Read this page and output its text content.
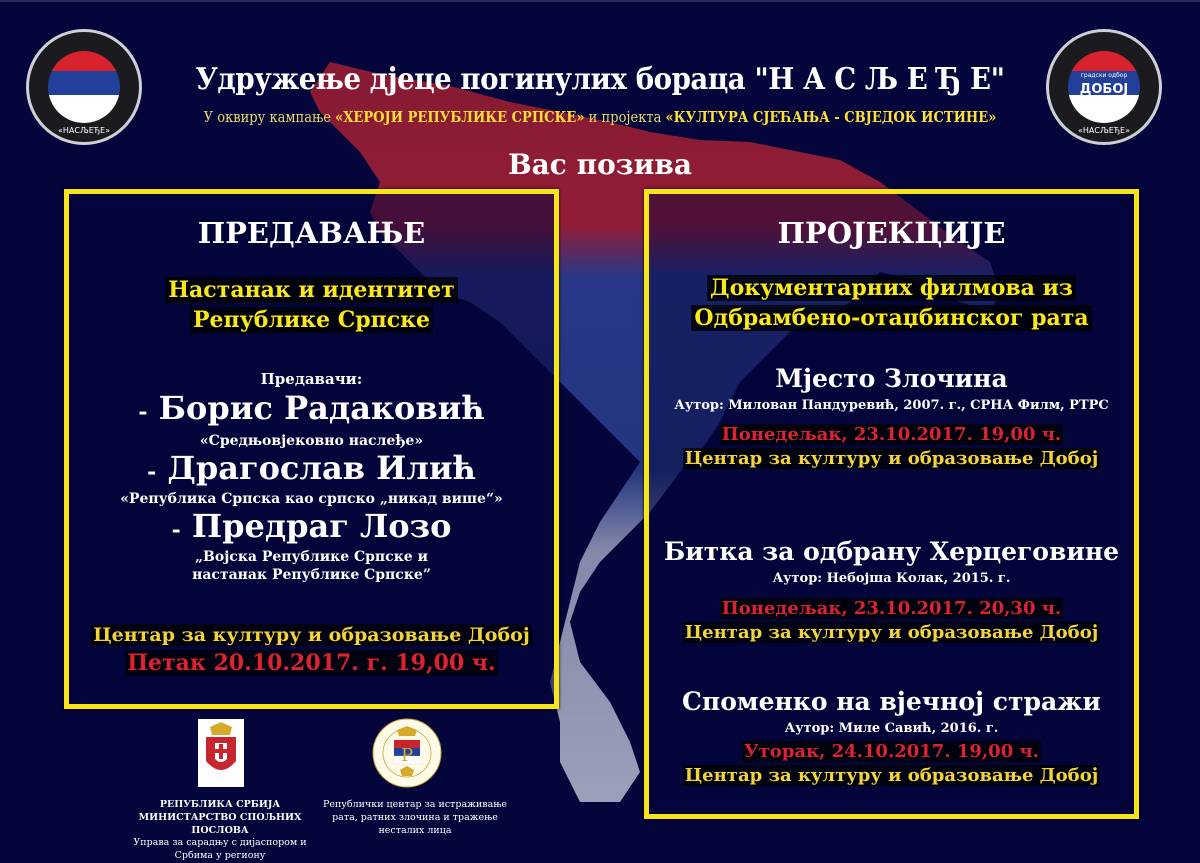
«НАСЉЕЂЕ»
градски одбор
ДОБОЈ
«НАСЉЕЂЕ»
Удружење дјеце погинулих бораца "Н А С Љ Е Ђ Е"
У оквиру кампање «ХЕРОЈИ РЕПУБЛИКЕ СРПСКЕ» и пројекта «КУЛТУРА СЈЕЋАЊА - СВЈЕДОК ИСТИНЕ»
Вас позива
ПРЕДАВАЊЕ
Настанак и идентитет
Републике Српске
Предавачи:
- Борис Радаковић
«Средњовјековно наслеђе»
- Драгослав Илић
«Република Српска као српско „никад више“»
- Предраг Лозо
„Војска Републике Српске и
настанак Републике Српске”
Центар за културу и образовање Добој
Петак 20.10.2017. г. 19,00 ч.
ПРОЈЕКЦИЈЕ
Документарних филмова из
Одбрамбено-отаџбинског рата
Мјесто Злочина
Аутор: Милован Пандуревић, 2007. г., СРНА Филм, РТРС
Понедељак, 23.10.2017. 19,00 ч.
Центар за културу и образовање Добој
Битка за одбрану Херцеговине
Аутор: Небојша Колак, 2015. г.
Понедељак, 23.10.2017. 20,30 ч.
Центар за културу и образовање Добој
Споменко на вјечној стражи
Аутор: Миле Савић, 2016. г.
Уторак, 24.10.2017. 19,00 ч.
Центар за културу и образовање Добој
РЕПУБЛИКА СРБИЈА
МИНИСТАРСТВО СПОЉНИХ ПОСЛОВА
Управа за сарадњу с дијаспором и
Србима у региону
P
Републички центар за истраживање
рата, ратних злочина и тражење
несталих лица
